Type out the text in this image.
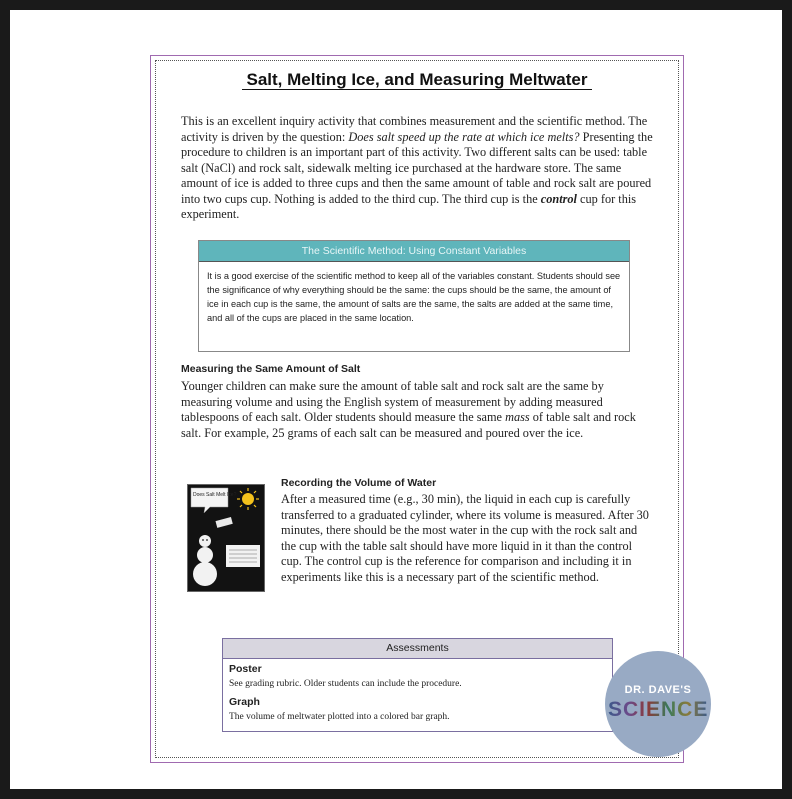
Salt, Melting Ice, and Measuring Meltwater
This is an excellent inquiry activity that combines measurement and the scientific method. The activity is driven by the question: Does salt speed up the rate at which ice melts? Presenting the procedure to children is an important part of this activity. Two different salts can be used: table salt (NaCl) and rock salt, sidewalk melting ice purchased at the hardware store. The same amount of ice is added to three cups and then the same amount of table and rock salt are poured into two cups cup. Nothing is added to the third cup. The third cup is the control cup for this experiment.
The Scientific Method: Using Constant Variables
It is a good exercise of the scientific method to keep all of the variables constant. Students should see the significance of why everything should be the same: the cups should be the same, the amount of ice in each cup is the same, the amount of salts are the same, the salts are added at the same time, and all of the cups are placed in the same location.
Measuring the Same Amount of Salt
Younger children can make sure the amount of table salt and rock salt are the same by measuring volume and using the English system of measurement by adding measured tablespoons of each salt. Older students should measure the same mass of table salt and rock salt. For example, 25 grams of each salt can be measured and poured over the ice.
Does Salt Melt Ice?
Recording the Volume of Water
After a measured time (e.g., 30 min), the liquid in each cup is carefully transferred to a graduated cylinder, where its volume is measured. After 30 minutes, there should be the most water in the cup with the rock salt and the cup with the table salt should have more liquid in it than the control cup. The control cup is the reference for comparison and including it in experiments like this is a necessary part of the scientific method.
Assessments
Poster
See grading rubric. Older students can include the procedure.
Graph
The volume of meltwater plotted into a colored bar graph.
DR. DAVE'S
SCIENCE
